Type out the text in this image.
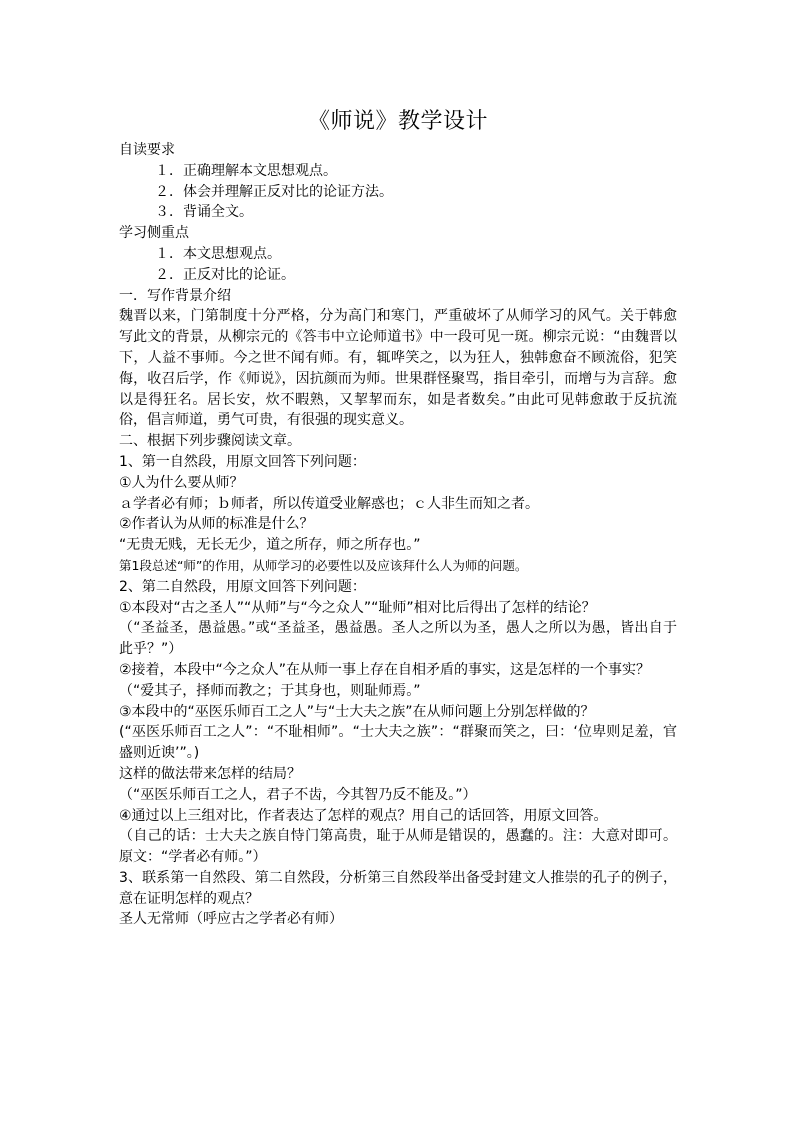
《师说》教学设计

自读要求

１．正确理解本文思想观点。

２．体会并理解正反对比的论证方法。

３．背诵全文。

学习侧重点

１．本文思想观点。

２．正反对比的论证。

一．写作背景介绍

魏晋以来，门第制度十分严格，分为高门和寒门，严重破坏了从师学习的风气。关于韩愈写此文的背景，从柳宗元的《答韦中立论师道书》中一段可见一斑。柳宗元说：“由魏晋以下，人益不事师。今之世不闻有师。有，辄哗笑之，以为狂人，独韩愈奋不顾流俗，犯笑侮，收召后学，作《师说》，因抗颜而为师。世果群怪聚骂，指目牵引，而增与为言辞。愈以是得狂名。居长安，炊不暇熟，又挈挈而东，如是者数矣。”由此可见韩愈敢于反抗流俗，倡言师道，勇气可贵，有很强的现实意义。

二、根据下列步骤阅读文章。

1、第一自然段，用原文回答下列问题：

①人为什么要从师？

ａ学者必有师；ｂ师者，所以传道受业解惑也；ｃ人非生而知之者。

②作者认为从师的标准是什么？

“无贵无贱，无长无少，道之所存，师之所存也。”

第1段总述“师”的作用，从师学习的必要性以及应该拜什么人为师的问题。

2、第二自然段，用原文回答下列问题：

①本段对“古之圣人”“从师”与“今之众人”“耻师”相对比后得出了怎样的结论？

（“圣益圣，愚益愚。”或“圣益圣，愚益愚。圣人之所以为圣，愚人之所以为愚，皆出自于此乎？”）

②接着，本段中“今之众人”在从师一事上存在自相矛盾的事实，这是怎样的一个事实？

（“爱其子，择师而教之；于其身也，则耻师焉。”

③本段中的“巫医乐师百工之人”与“士大夫之族”在从师问题上分别怎样做的？

(“巫医乐师百工之人”：“不耻相师”。“士大夫之族”：“群聚而笑之，曰：‘位卑则足羞，官盛则近谀’”。)

这样的做法带来怎样的结局？

（“巫医乐师百工之人，君子不齿，今其智乃反不能及。”）

④通过以上三组对比，作者表达了怎样的观点？用自己的话回答，用原文回答。

（自己的话：士大夫之族自恃门第高贵，耻于从师是错误的，愚蠢的。注：大意对即可。原文：“学者必有师。”）

3、联系第一自然段、第二自然段，分析第三自然段举出备受封建文人推崇的孔子的例子，意在证明怎样的观点？

圣人无常师（呼应古之学者必有师）
